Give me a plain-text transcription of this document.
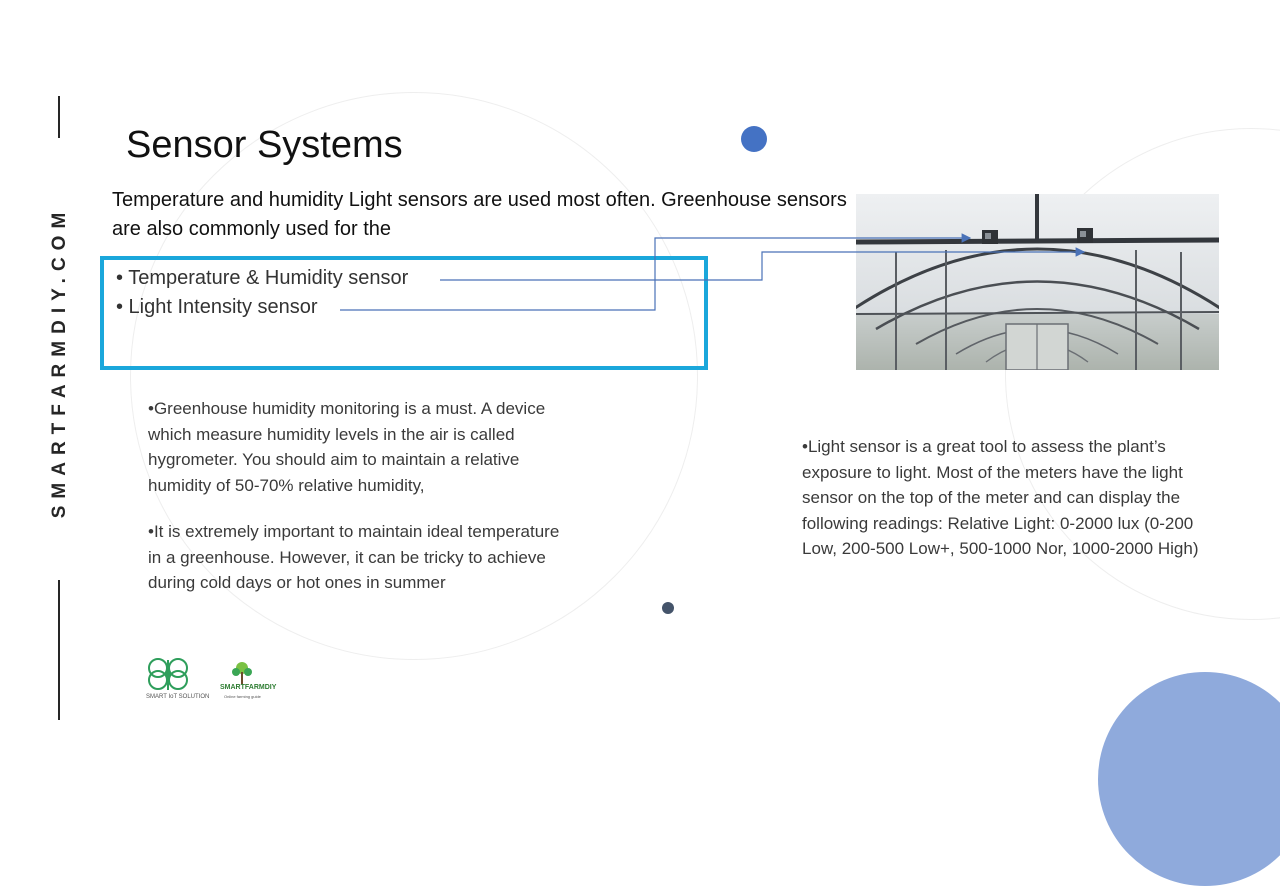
SMARTFARMDIY.COM
Sensor Systems
Temperature and humidity Light sensors are used most often. Greenhouse sensors are also commonly used for the
• Temperature & Humidity sensor
• Light Intensity sensor
•Greenhouse humidity monitoring is a must. A device which measure humidity levels in the air is called hygrometer. You should aim to maintain a relative humidity of 50-70% relative humidity,
•It is extremely important to maintain ideal temperature in a greenhouse. However, it can be tricky to achieve during cold days or hot ones in summer
•Light sensor is a great tool to assess the plant’s exposure to light. Most of the meters have the light sensor on the top of the meter and can display the following readings: Relative Light: 0-2000 lux (0-200 Low, 200-500 Low+, 500-1000 Nor, 1000-2000 High)
SMART IoT SOLUTION
SMARTFARMDIY
Online farming guide
